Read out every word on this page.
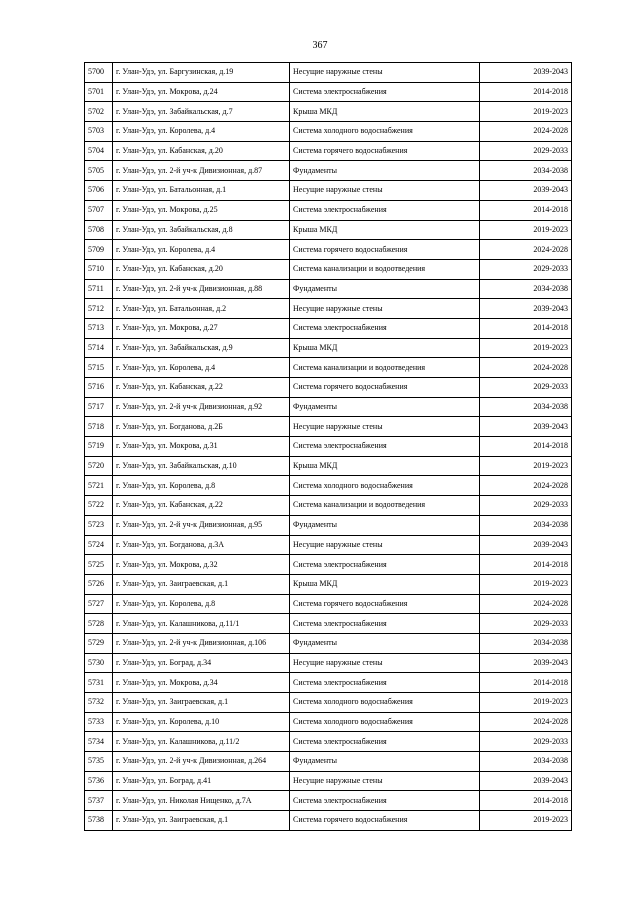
367
5700	г. Улан-Удэ, ул. Баргузинская, д.19	Несущие наружные стены	2039-2043
5701	г. Улан-Удэ, ул. Мокрова, д.24	Система электроснабжения	2014-2018
5702	г. Улан-Удэ, ул. Забайкальская, д.7	Крыша МКД	2019-2023
5703	г. Улан-Удэ, ул. Королева, д.4	Система холодного водоснабжения	2024-2028
5704	г. Улан-Удэ, ул. Кабанская, д.20	Система горячего водоснабжения	2029-2033
5705	г. Улан-Удэ, ул. 2-й уч-к Дивизионная, д.87	Фундаменты	2034-2038
5706	г. Улан-Удэ, ул. Батальонная, д.1	Несущие наружные стены	2039-2043
5707	г. Улан-Удэ, ул. Мокрова, д.25	Система электроснабжения	2014-2018
5708	г. Улан-Удэ, ул. Забайкальская, д.8	Крыша МКД	2019-2023
5709	г. Улан-Удэ, ул. Королева, д.4	Система горячего водоснабжения	2024-2028
5710	г. Улан-Удэ, ул. Кабанская, д.20	Система канализации и водоотведения	2029-2033
5711	г. Улан-Удэ, ул. 2-й уч-к Дивизионная, д.88	Фундаменты	2034-2038
5712	г. Улан-Удэ, ул. Батальонная, д.2	Несущие наружные стены	2039-2043
5713	г. Улан-Удэ, ул. Мокрова, д.27	Система электроснабжения	2014-2018
5714	г. Улан-Удэ, ул. Забайкальская, д.9	Крыша МКД	2019-2023
5715	г. Улан-Удэ, ул. Королева, д.4	Система канализации и водоотведения	2024-2028
5716	г. Улан-Удэ, ул. Кабанская, д.22	Система горячего водоснабжения	2029-2033
5717	г. Улан-Удэ, ул. 2-й уч-к Дивизионная, д.92	Фундаменты	2034-2038
5718	г. Улан-Удэ, ул. Богданова, д.2Б	Несущие наружные стены	2039-2043
5719	г. Улан-Удэ, ул. Мокрова, д.31	Система электроснабжения	2014-2018
5720	г. Улан-Удэ, ул. Забайкальская, д.10	Крыша МКД	2019-2023
5721	г. Улан-Удэ, ул. Королева, д.8	Система холодного водоснабжения	2024-2028
5722	г. Улан-Удэ, ул. Кабанская, д.22	Система канализации и водоотведения	2029-2033
5723	г. Улан-Удэ, ул. 2-й уч-к Дивизионная, д.95	Фундаменты	2034-2038
5724	г. Улан-Удэ, ул. Богданова, д.3А	Несущие наружные стены	2039-2043
5725	г. Улан-Удэ, ул. Мокрова, д.32	Система электроснабжения	2014-2018
5726	г. Улан-Удэ, ул. Заиграевская, д.1	Крыша МКД	2019-2023
5727	г. Улан-Удэ, ул. Королева, д.8	Система горячего водоснабжения	2024-2028
5728	г. Улан-Удэ, ул. Калашникова, д.11/1	Система электроснабжения	2029-2033
5729	г. Улан-Удэ, ул. 2-й уч-к Дивизионная, д.106	Фундаменты	2034-2038
5730	г. Улан-Удэ, ул. Боград, д.34	Несущие наружные стены	2039-2043
5731	г. Улан-Удэ, ул. Мокрова, д.34	Система электроснабжения	2014-2018
5732	г. Улан-Удэ, ул. Заиграевская, д.1	Система холодного водоснабжения	2019-2023
5733	г. Улан-Удэ, ул. Королева, д.10	Система холодного водоснабжения	2024-2028
5734	г. Улан-Удэ, ул. Калашникова, д.11/2	Система электроснабжения	2029-2033
5735	г. Улан-Удэ, ул. 2-й уч-к Дивизионная, д.264	Фундаменты	2034-2038
5736	г. Улан-Удэ, ул. Боград, д.41	Несущие наружные стены	2039-2043
5737	г. Улан-Удэ, ул. Николая Нищенко, д.7А	Система электроснабжения	2014-2018
5738	г. Улан-Удэ, ул. Заиграевская, д.1	Система горячего водоснабжения	2019-2023
